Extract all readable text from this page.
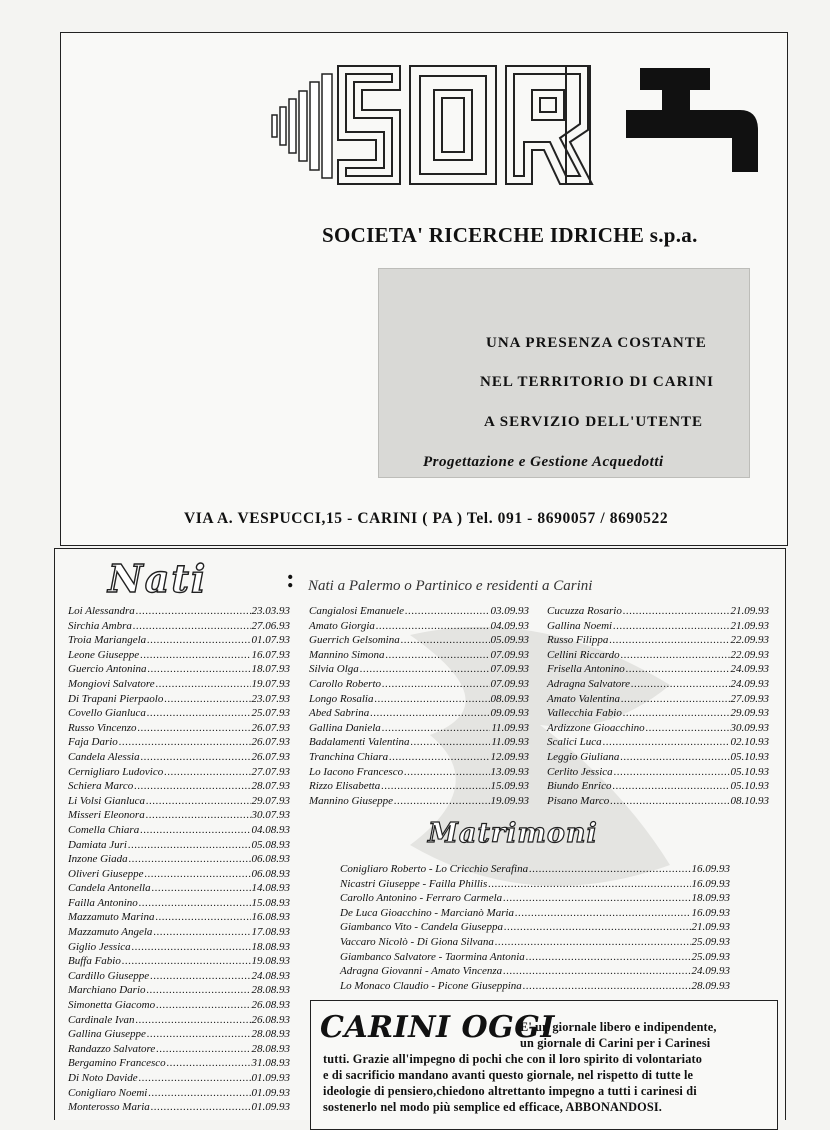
SOCIETA' RICERCHE IDRICHE s.p.a.
UNA PRESENZA COSTANTE
NEL TERRITORIO DI CARINI
A SERVIZIO DELL'UTENTE
Progettazione e Gestione Acquedotti
VIA A. VESPUCCI,15 - CARINI ( PA ) Tel. 091 - 8690057 / 8690522
Nati	: Nati a Palermo o Partinico e residenti a Carini
Loi Alessandra .....	23.03.93
Sirchia Ambra .....	27.06.93
Troia Mariangela .....	01.07.93
Leone Giuseppe .....	16.07.93
Guercio Antonina .....	18.07.93
Mongiovi Salvatore .....	19.07.93
Di Trapani Pierpaolo .....	23.07.93
Covello Gianluca .....	25.07.93
Russo Vincenzo .....	26.07.93
Faja Dario .....	26.07.93
Candela Alessia .....	26.07.93
Cernigliaro Ludovico .....	27.07.93
Schiera Marco .....	28.07.93
Li Volsi Gianluca .....	29.07.93
Misseri Eleonora .....	30.07.93
Comella Chiara .....	04.08.93
Damiata Juri .....	05.08.93
Inzone Giada .....	06.08.93
Oliveri Giuseppe .....	06.08.93
Candela Antonella .....	14.08.93
Failla Antonino .....	15.08.93
Mazzamuto Marina .....	16.08.93
Mazzamuto Angela .....	17.08.93
Giglio Jessica .....	18.08.93
Buffa Fabio .....	19.08.93
Cardillo Giuseppe .....	24.08.93
Marchiano Dario .....	28.08.93
Simonetta Giacomo .....	26.08.93
Cardinale Ivan .....	26.08.93
Gallina Giuseppe .....	28.08.93
Randazzo Salvatore .....	28.08.93
Bergamino Francesco .....	31.08.93
Di Noto Davide .....	01.09.93
Conigliaro Noemi .....	01.09.93
Monterosso Maria .....	01.09.93
Cangialosi Emanuele .....	03.09.93
Amato Giorgia .....	04.09.93
Guerrich Gelsomina .....	05.09.93
Mannino Simona .....	07.09.93
Silvia Olga .....	07.09.93
Carollo Roberto .....	07.09.93
Longo Rosalia .....	08.09.93
Abed Sabrina .....	09.09.93
Gallina Daniela .....	11.09.93
Badalamenti Valentina .....	11.09.93
Tranchina Chiara .....	12.09.93
Lo Iacono Francesco .....	13.09.93
Rizzo Elisabetta .....	15.09.93
Mannino Giuseppe .....	19.09.93
Cucuzza Rosario .....	21.09.93
Gallina Noemi .....	21.09.93
Russo Filippa .....	22.09.93
Cellini Riccardo .....	22.09.93
Frisella Antonino .....	24.09.93
Adragna Salvatore .....	24.09.93
Amato Valentina .....	27.09.93
Vallecchia Fabio .....	29.09.93
Ardizzone Gioacchino .....	30.09.93
Scalici Luca .....	02.10.93
Leggio Giuliana .....	05.10.93
Cerlito Jessica .....	05.10.93
Biundo Enrico .....	05.10.93
Pisano Marco .....	08.10.93
Matrimoni
Conigliaro Roberto - Lo Cricchio Serafina .....	16.09.93
Nicastri Giuseppe - Failla Phillis .....	16.09.93
Carollo Antonino - Ferraro Carmela .....	18.09.93
De Luca Gioacchino - Marcianò Maria .....	16.09.93
Giambanco Vito - Candela Giuseppa .....	21.09.93
Vaccaro Nicolò - Di Giona Silvana .....	25.09.93
Giambanco Salvatore - Taormina Antonia .....	25.09.93
Adragna Giovanni - Amato Vincenza .....	24.09.93
Lo Monaco Claudio - Picone Giuseppina .....	28.09.93
CARINI OGGI
E' un giornale libero e indipendente,
un giornale di Carini per i Carinesi
tutti. Grazie all'impegno di pochi che con il loro spirito di volontariato
e di sacrificio mandano avanti questo giornale, nel rispetto di tutte le
ideologie di pensiero,chiedono altrettanto impegno a tutti i carinesi di
sostenerlo nel modo più semplice ed efficace, ABBONANDOSI.
